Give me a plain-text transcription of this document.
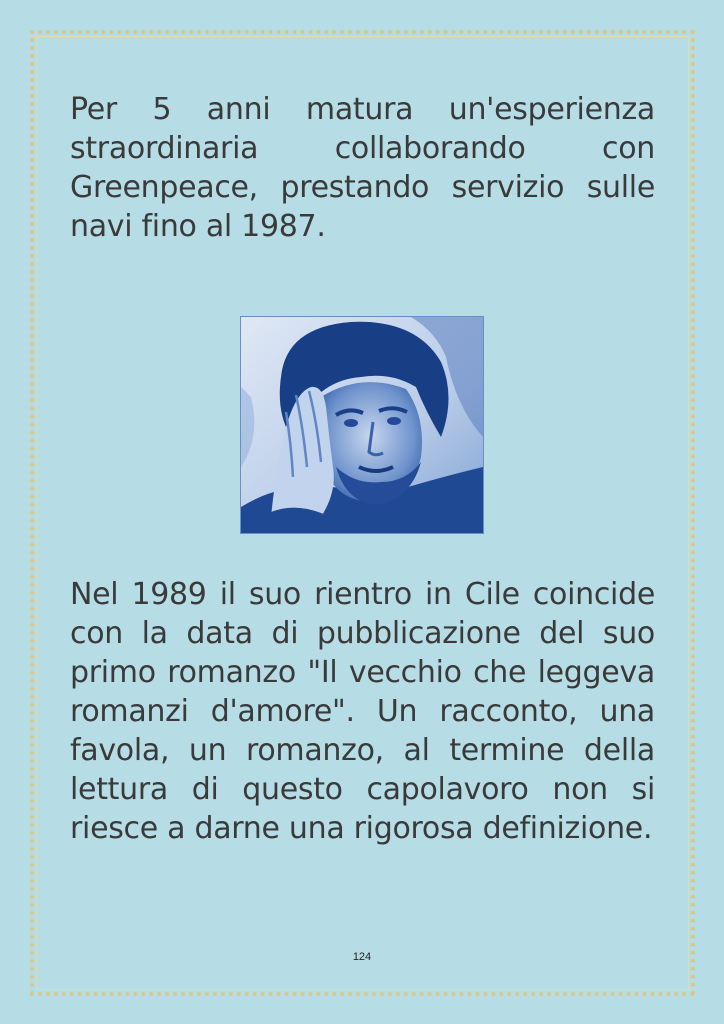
Per 5 anni matura un'esperienza straordinaria collaborando con Greenpeace, prestando servizio sulle navi fino al 1987.

Nel 1989 il suo rientro in Cile coincide con la data di pubblicazione del suo primo romanzo "Il vecchio che leggeva romanzi d'amore". Un racconto, una favola, un romanzo, al termine della lettura di questo capolavoro non si riesce a darne una rigorosa definizione.

124
